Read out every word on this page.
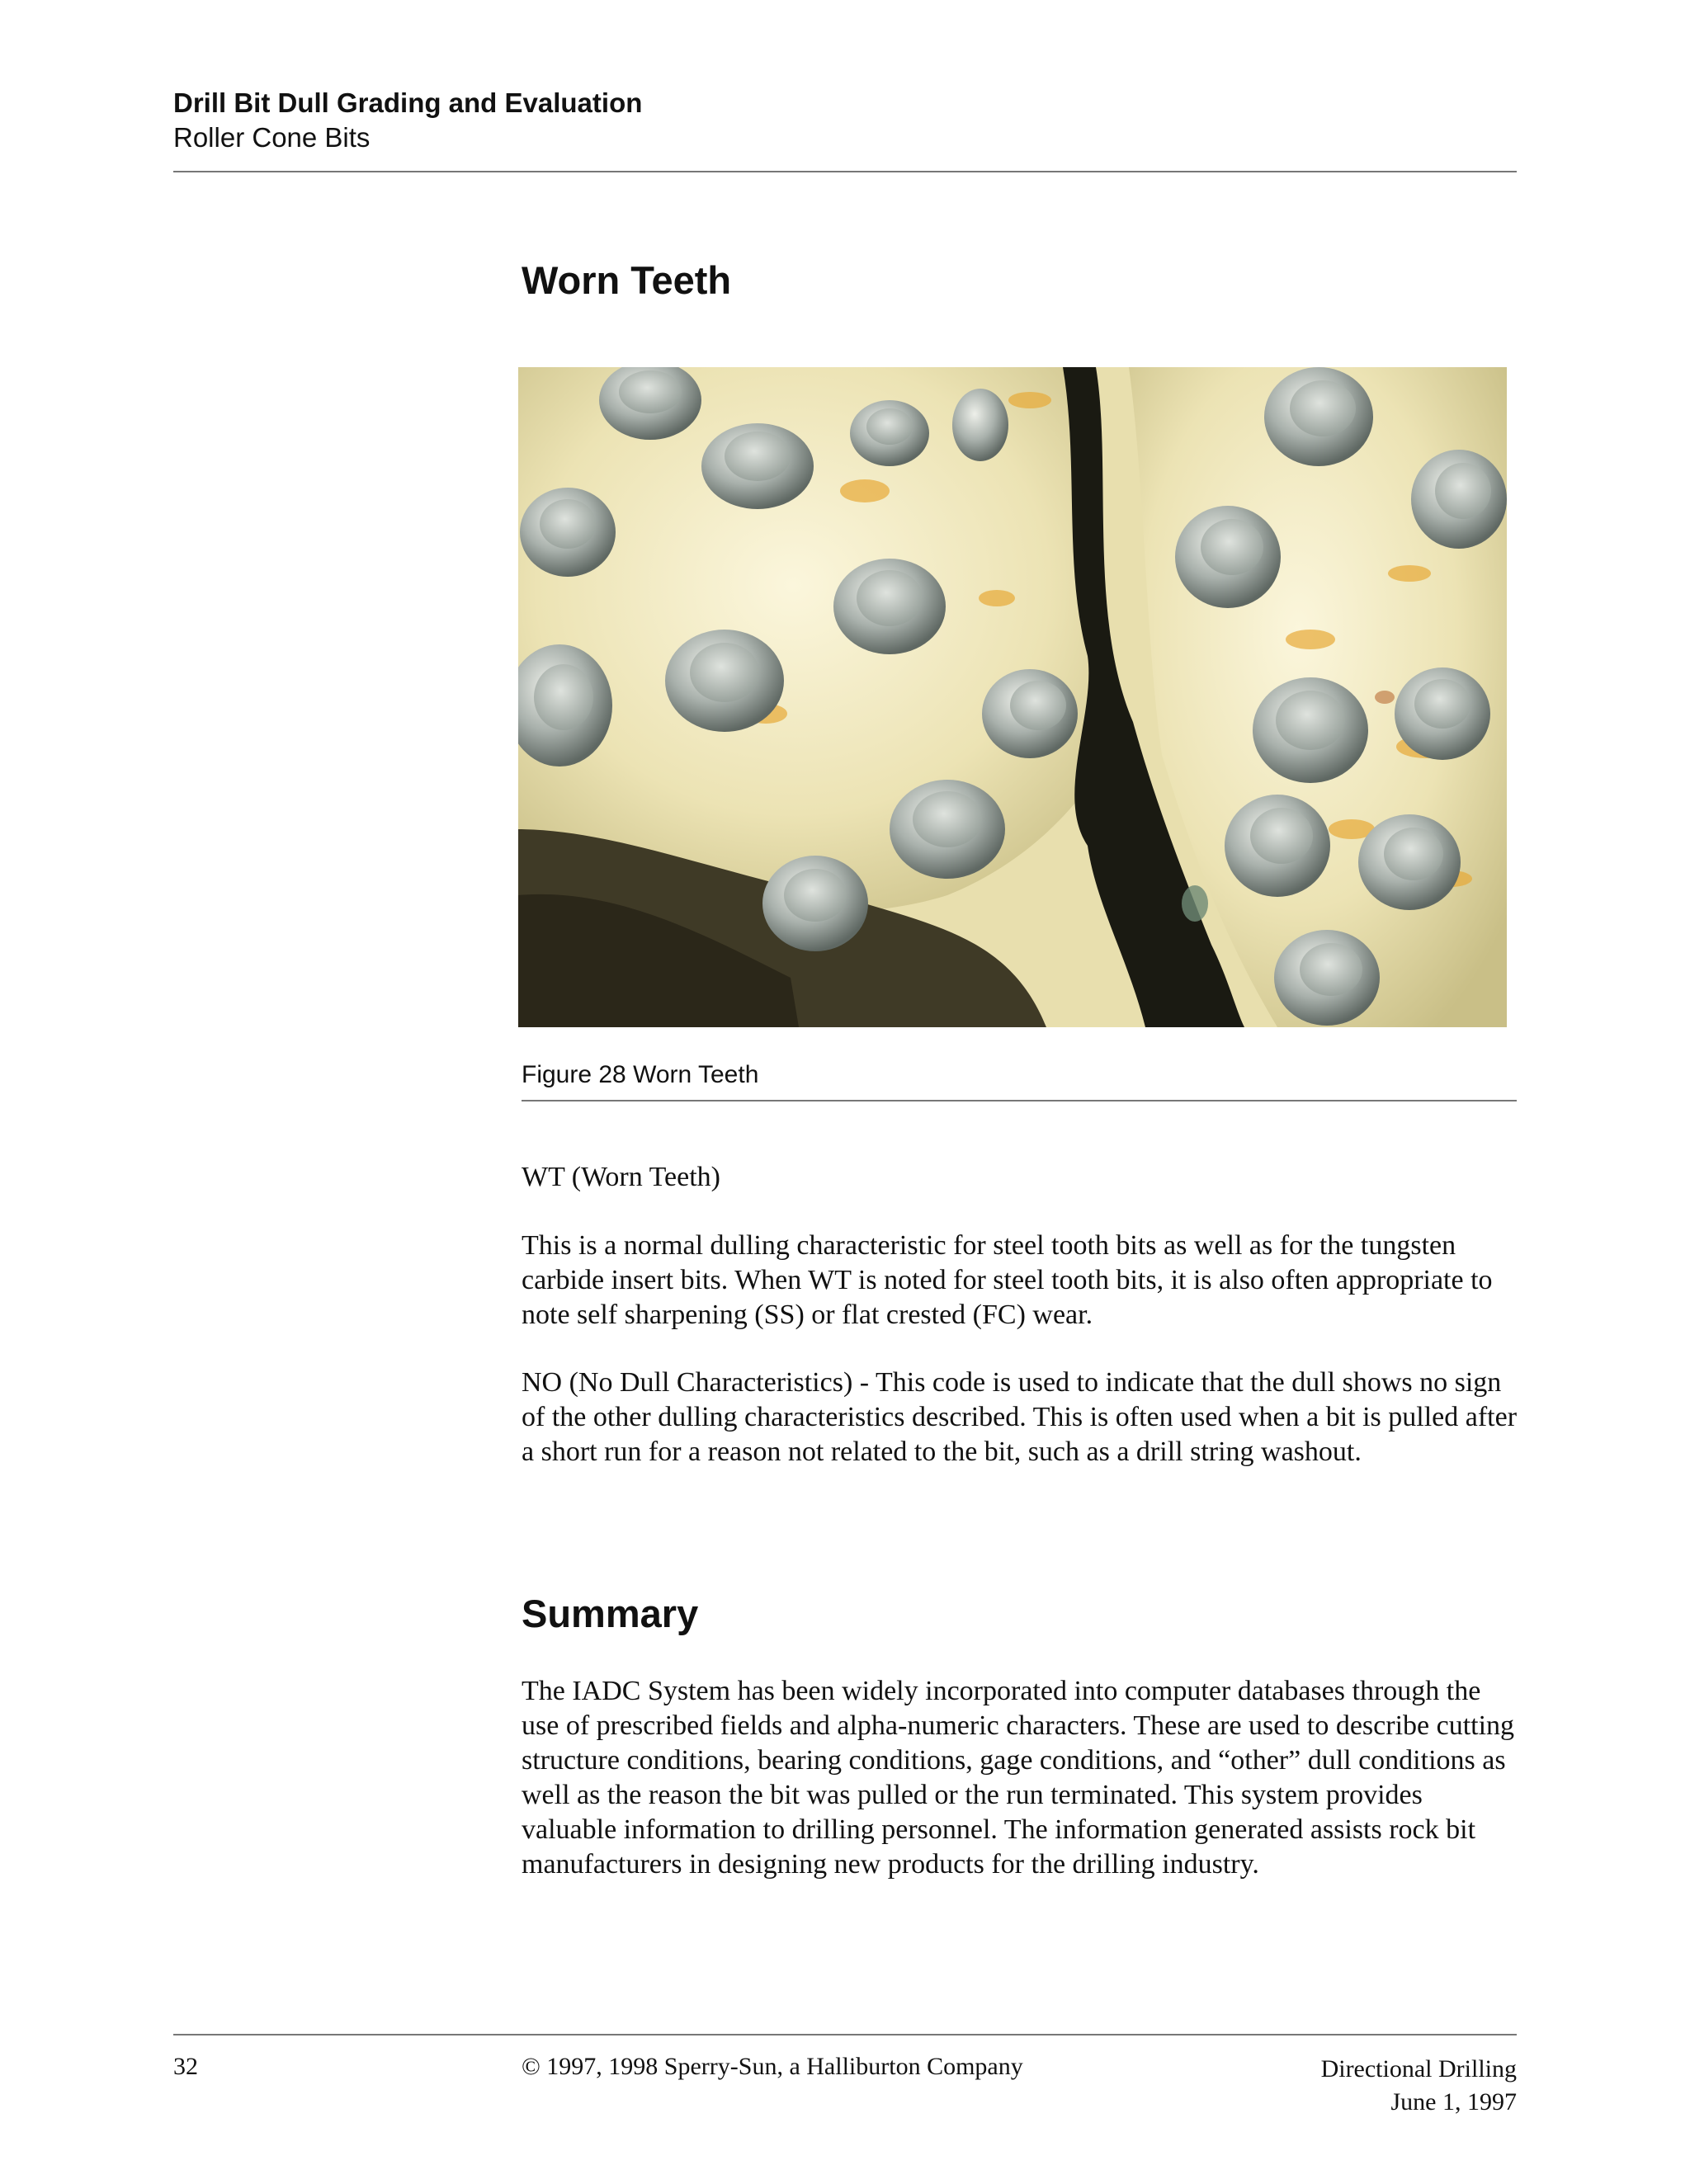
Drill Bit Dull Grading and Evaluation
Roller Cone Bits
Worn Teeth
Figure 28 Worn Teeth

WT (Worn Teeth)

This is a normal dulling characteristic for steel tooth bits as well as for the tungsten carbide insert bits. When WT is noted for steel tooth bits, it is also often appropriate to note self sharpening (SS) or flat crested (FC) wear.

NO (No Dull Characteristics) - This code is used to indicate that the dull shows no sign of the other dulling characteristics described. This is often used when a bit is pulled after a short run for a reason not related to the bit, such as a drill string washout.

Summary

The IADC System has been widely incorporated into computer databases through the use of prescribed fields and alpha-numeric characters. These are used to describe cutting structure conditions, bearing conditions, gage conditions, and “other” dull conditions as well as the reason the bit was pulled or the run terminated. This system provides valuable information to drilling personnel. The information generated assists rock bit manufacturers in designing new products for the drilling industry.

32	© 1997, 1998 Sperry-Sun, a Halliburton Company	Directional Drilling
June 1, 1997
